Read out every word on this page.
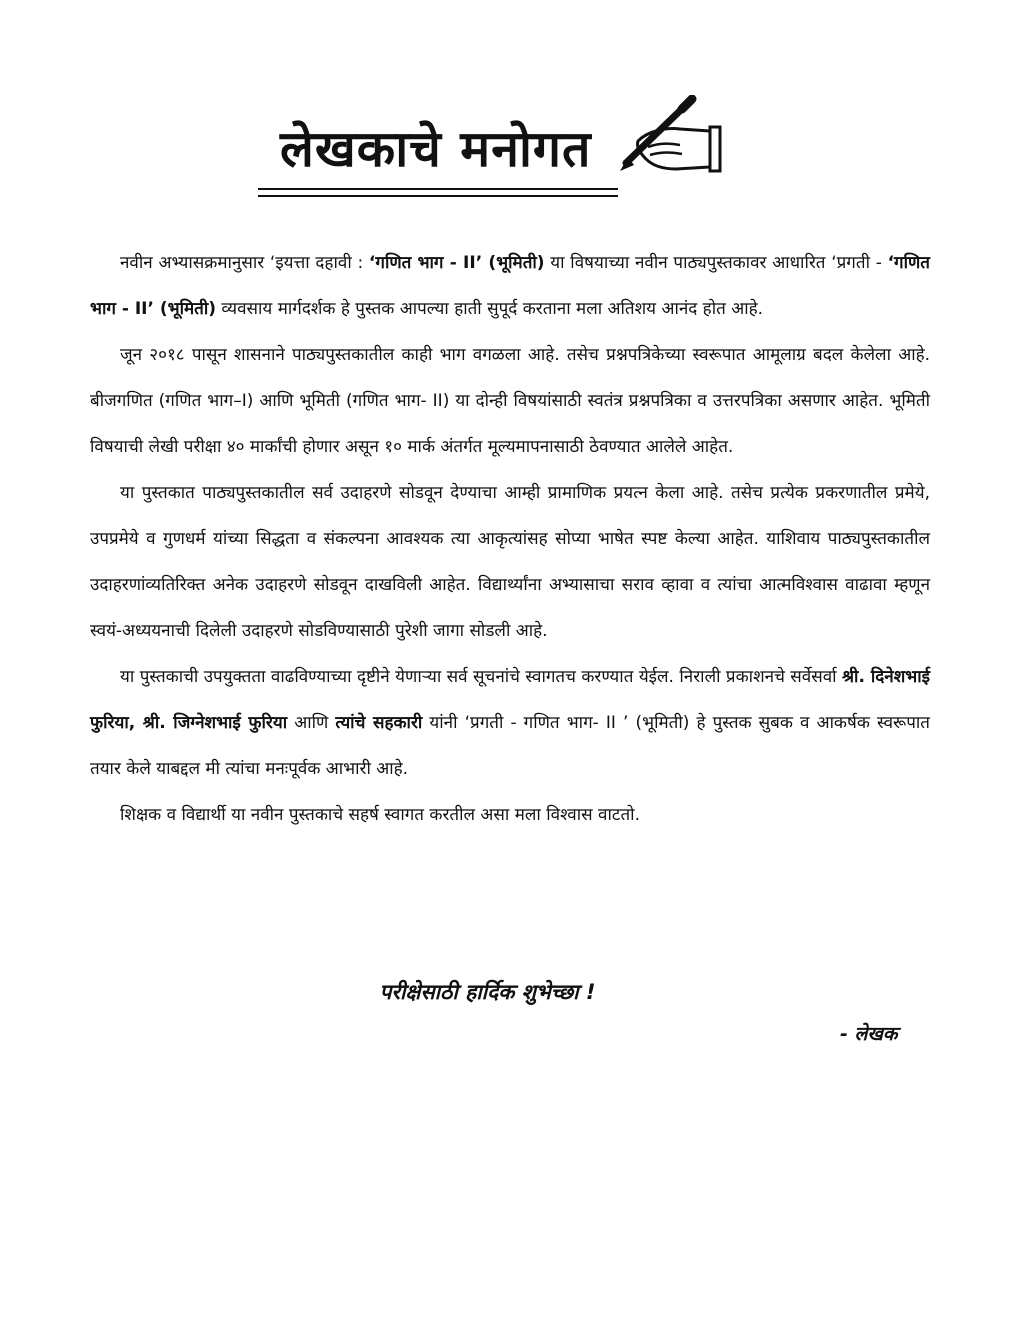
लेखकाचे मनोगत

नवीन अभ्यासक्रमानुसार ‘इयत्ता दहावी : ‘गणित भाग - II’ (भूमिती) या विषयाच्या नवीन पाठ्यपुस्तकावर आधारित ‘प्रगती - ‘गणित भाग - II’ (भूमिती) व्यवसाय मार्गदर्शक हे पुस्तक आपल्या हाती सुपूर्द करताना मला अतिशय आनंद होत आहे.

जून २०१८ पासून शासनाने पाठ्यपुस्तकातील काही भाग वगळला आहे. तसेच प्रश्नपत्रिकेच्या स्वरूपात आमूलाग्र बदल केलेला आहे. बीजगणित (गणित भाग–I) आणि भूमिती (गणित भाग- II) या दोन्ही विषयांसाठी स्वतंत्र प्रश्नपत्रिका व उत्तरपत्रिका असणार आहेत. भूमिती विषयाची लेखी परीक्षा ४० मार्कांची होणार असून १० मार्क अंतर्गत मूल्यमापनासाठी ठेवण्यात आलेले आहेत.

या पुस्तकात पाठ्यपुस्तकातील सर्व उदाहरणे सोडवून देण्याचा आम्ही प्रामाणिक प्रयत्न केला आहे. तसेच प्रत्येक प्रकरणातील प्रमेये, उपप्रमेये व गुणधर्म यांच्या सिद्धता व संकल्पना आवश्यक त्या आकृत्यांसह सोप्या भाषेत स्पष्ट केल्या आहेत. याशिवाय पाठ्यपुस्तकातील उदाहरणांव्यतिरिक्त अनेक उदाहरणे सोडवून दाखविली आहेत. विद्यार्थ्यांना अभ्यासाचा सराव व्हावा व त्यांचा आत्मविश्वास वाढावा म्हणून स्वयं-अध्ययनाची दिलेली उदाहरणे सोडविण्यासाठी पुरेशी जागा सोडली आहे.

या पुस्तकाची उपयुक्तता वाढविण्याच्या दृष्टीने येणाऱ्या सर्व सूचनांचे स्वागतच करण्यात येईल. निराली प्रकाशनचे सर्वेसर्वा श्री. दिनेशभाई फुरिया, श्री. जिग्नेशभाई फुरिया आणि त्यांचे सहकारी यांनी ‘प्रगती - गणित भाग- II ’ (भूमिती) हे पुस्तक सुबक व आकर्षक स्वरूपात तयार केले याबद्दल मी त्यांचा मनःपूर्वक आभारी आहे.

शिक्षक व विद्यार्थी या नवीन पुस्तकाचे सहर्ष स्वागत करतील असा मला विश्वास वाटतो.

परीक्षेसाठी हार्दिक शुभेच्छा !
- लेखक
